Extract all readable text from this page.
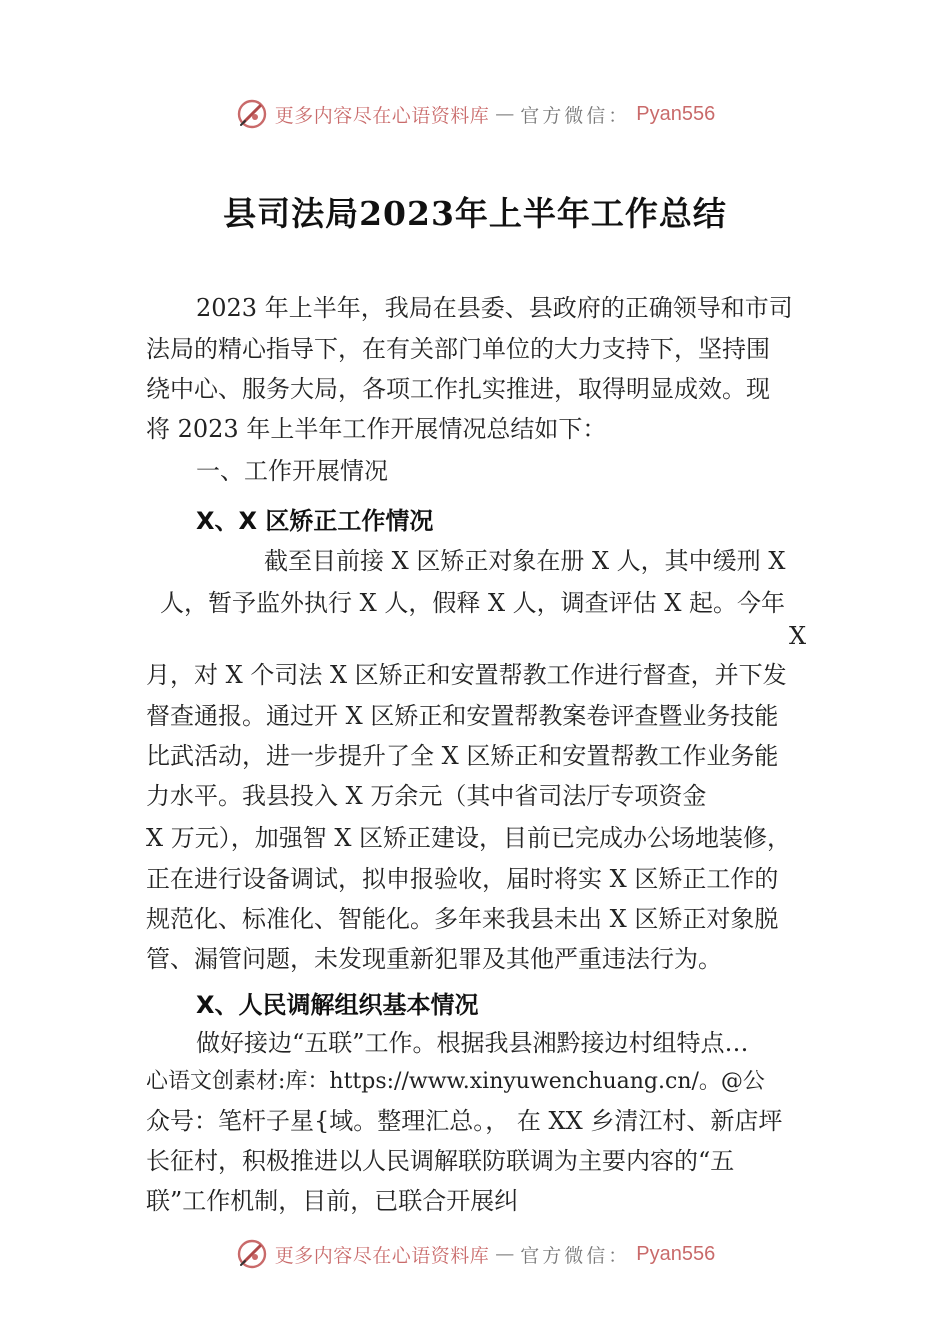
更多内容尽在心语资料库 — 官方微信： Pyan556
县司法局2023年上半年工作总结
2023 年上半年，我局在县委、县政府的正确领导和市司
法局的精心指导下，在有关部门单位的大力支持下，坚持围
绕中心、服务大局，各项工作扎实推进，取得明显成效。现
将 2023 年上半年工作开展情况总结如下：
一、工作开展情况
X、X 区矫正工作情况
截至目前接 X 区矫正对象在册 X 人，其中缓刑 X
人，暂予监外执行 X 人，假释 X 人，调查评估 X 起。今年
X
月，对 X 个司法 X 区矫正和安置帮教工作进行督查，并下发
督查通报。通过开 X 区矫正和安置帮教案卷评查暨业务技能
比武活动，进一步提升了全 X 区矫正和安置帮教工作业务能
力水平。我县投入 X 万余元（其中省司法厅专项资金
X 万元），加强智 X 区矫正建设，目前已完成办公场地装修，
正在进行设备调试，拟申报验收，届时将实 X 区矫正工作的
规范化、标准化、智能化。多年来我县未出 X 区矫正对象脱
管、漏管问题，未发现重新犯罪及其他严重违法行为。
X、人民调解组织基本情况
做好接边“五联”工作。根据我县湘黔接边村组特点…
心语文创素材:库：https://www.xinyuwenchuang.cn/。@公
众号：笔杆子星{域。整理汇总。， 在 XX 乡清江村、新店坪
长征村，积极推进以人民调解联防联调为主要内容的“五
联”工作机制，目前，已联合开展纠
更多内容尽在心语资料库 — 官方微信： Pyan556
